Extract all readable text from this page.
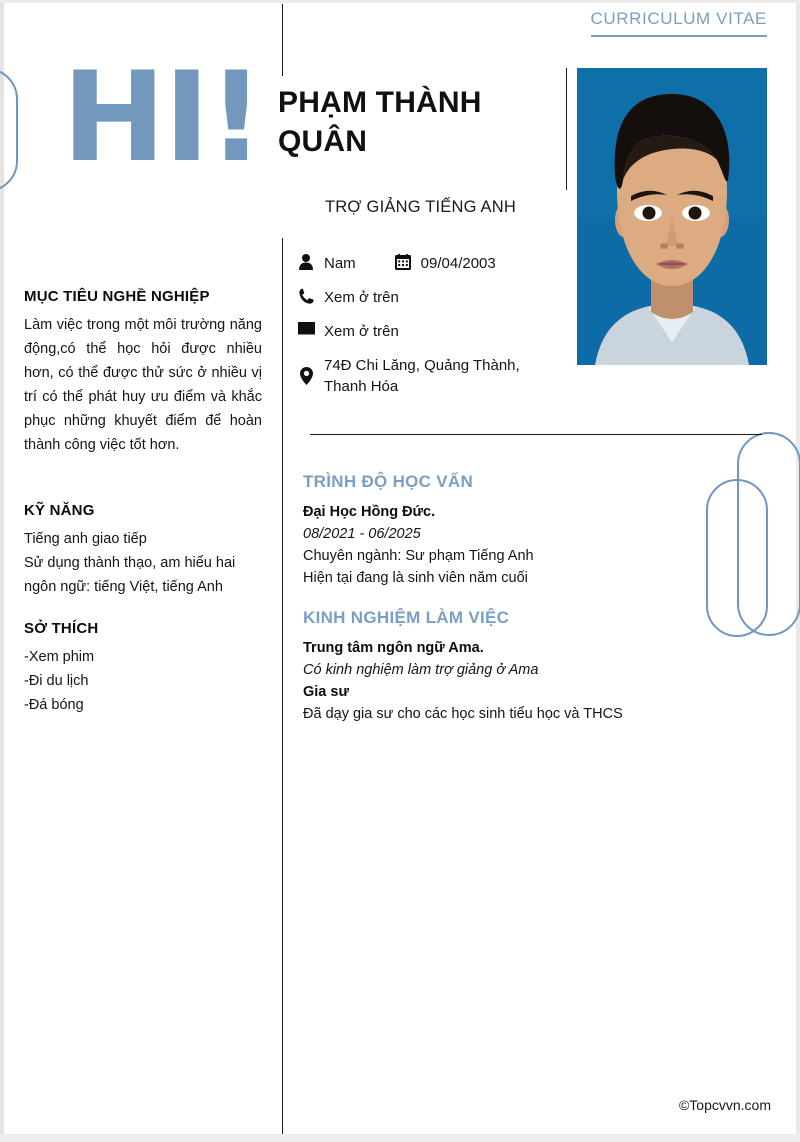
CURRICULUM VITAE
HI! PHẠM THÀNH QUÂN
TRỢ GIẢNG TIẾNG ANH
Nam	09/04/2003
Xem ở trên
Xem ở trên
74Đ Chi Lăng, Quảng Thành,
Thanh Hóa
MỤC TIÊU NGHỀ NGHIỆP
Làm việc trong một môi trường năng động,có thể học hỏi được nhiều hơn, có thể được thử sức ở nhiều vị trí có thể phát huy ưu điểm và khắc phục những khuyết điểm để hoàn thành công việc tốt hơn.
KỸ NĂNG
Tiếng anh giao tiếp
Sử dụng thành thạo, am hiểu hai ngôn ngữ: tiếng Việt, tiếng Anh
SỞ THÍCH
-Xem phim
-Đi du lịch
-Đá bóng
TRÌNH ĐỘ HỌC VẤN
Đại Học Hồng Đức.
08/2021 - 06/2025
Chuyên ngành: Sư phạm Tiếng Anh
Hiện tại đang là sinh viên năm cuối
KINH NGHIỆM LÀM VIỆC
Trung tâm ngôn ngữ Ama.
Có kinh nghiệm làm trợ giảng ở Ama
Gia sư
Đã dạy gia sư cho các học sinh tiểu học và THCS
©Topcvvn.com
